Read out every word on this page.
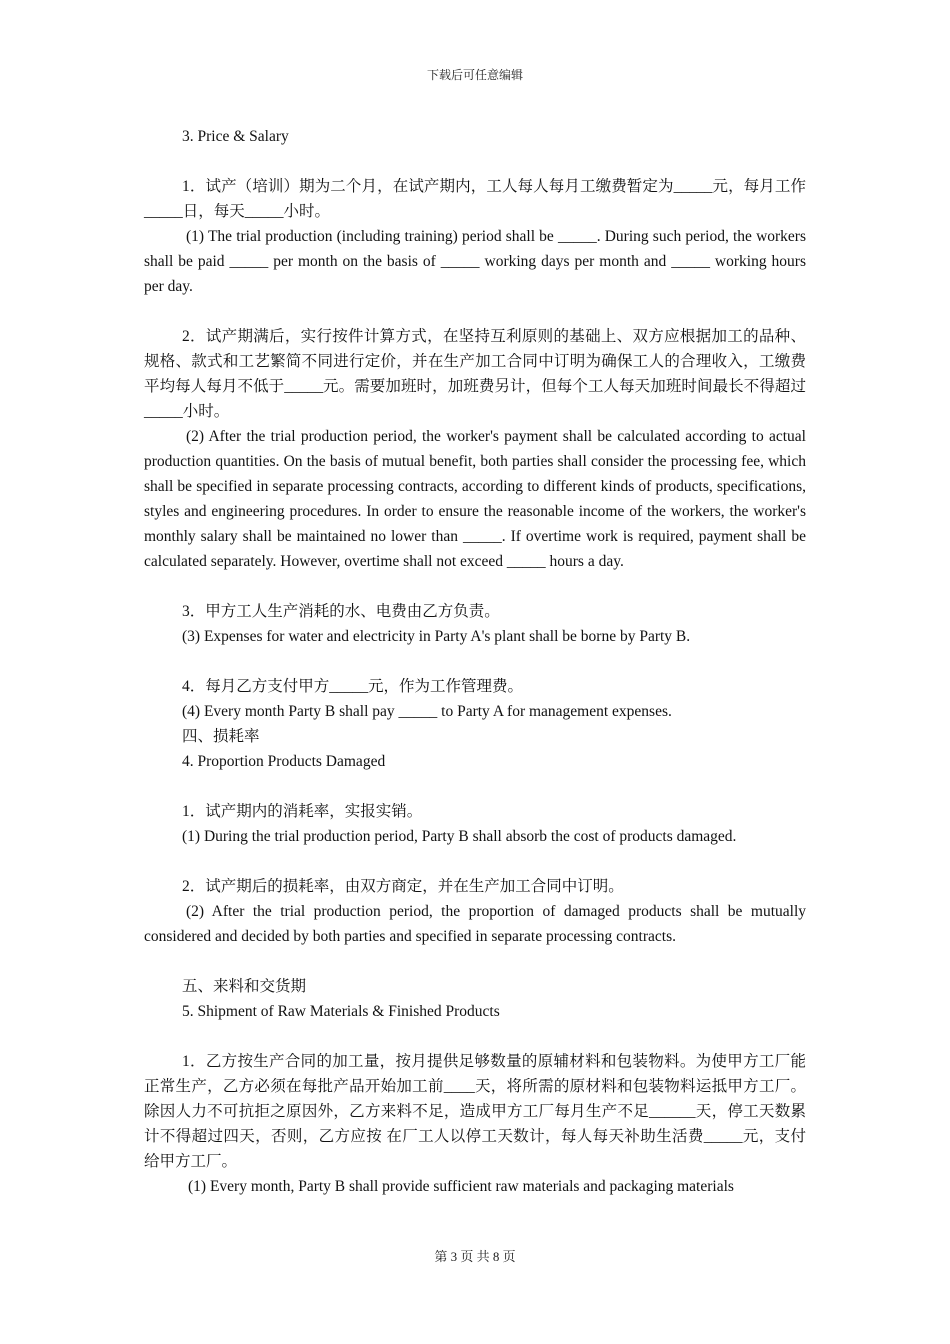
下载后可任意编辑

3. Price & Salary

1．试产（培训）期为二个月，在试产期内，工人每人每月工缴费暂定为_____元，每月工作_____日，每天_____小时。

(1) The trial production (including training) period shall be _____. During such period, the workers shall be paid _____ per month on the basis of _____ working days per month and _____ working hours per day.

2．试产期满后，实行按件计算方式，在坚持互利原则的基础上、双方应根据加工的品种、规格、款式和工艺繁简不同进行定价，并在生产加工合同中订明为确保工人的合理收入，工缴费平均每人每月不低于_____元。需要加班时，加班费另计，但每个工人每天加班时间最长不得超过_____小时。

(2) After the trial production period, the worker's payment shall be calculated according to actual production quantities. On the basis of mutual benefit, both parties shall consider the processing fee, which shall be specified in separate processing contracts, according to different kinds of products, specifications, styles and engineering procedures. In order to ensure the reasonable income of the workers, the worker's monthly salary shall be maintained no lower than _____. If overtime work is required, payment shall be calculated separately. However, overtime shall not exceed _____ hours a day.

3．甲方工人生产消耗的水、电费由乙方负责。

(3) Expenses for water and electricity in Party A's plant shall be borne by Party B.

4．每月乙方支付甲方_____元，作为工作管理费。

(4) Every month Party B shall pay _____ to Party A for management expenses.

四、损耗率

4. Proportion Products Damaged

1．试产期内的消耗率，实报实销。

(1) During the trial production period, Party B shall absorb the cost of products damaged.

2．试产期后的损耗率，由双方商定，并在生产加工合同中订明。

(2) After the trial production period, the proportion of damaged products shall be mutually considered and decided by both parties and specified in separate processing contracts.

五、来料和交货期

5. Shipment of Raw Materials & Finished Products

1．乙方按生产合同的加工量，按月提供足够数量的原辅材料和包装物料。为使甲方工厂能正常生产，乙方必须在每批产品开始加工前____天，将所需的原材料和包装物料运抵甲方工厂。除因人力不可抗拒之原因外，乙方来料不足，造成甲方工厂每月生产不足______天，停工天数累计不得超过四天，否则，乙方应按 在厂工人以停工天数计，每人每天补助生活费_____元，支付给甲方工厂。

(1) Every month, Party B shall provide sufficient raw materials and packaging materials

第 3 页 共 8 页
